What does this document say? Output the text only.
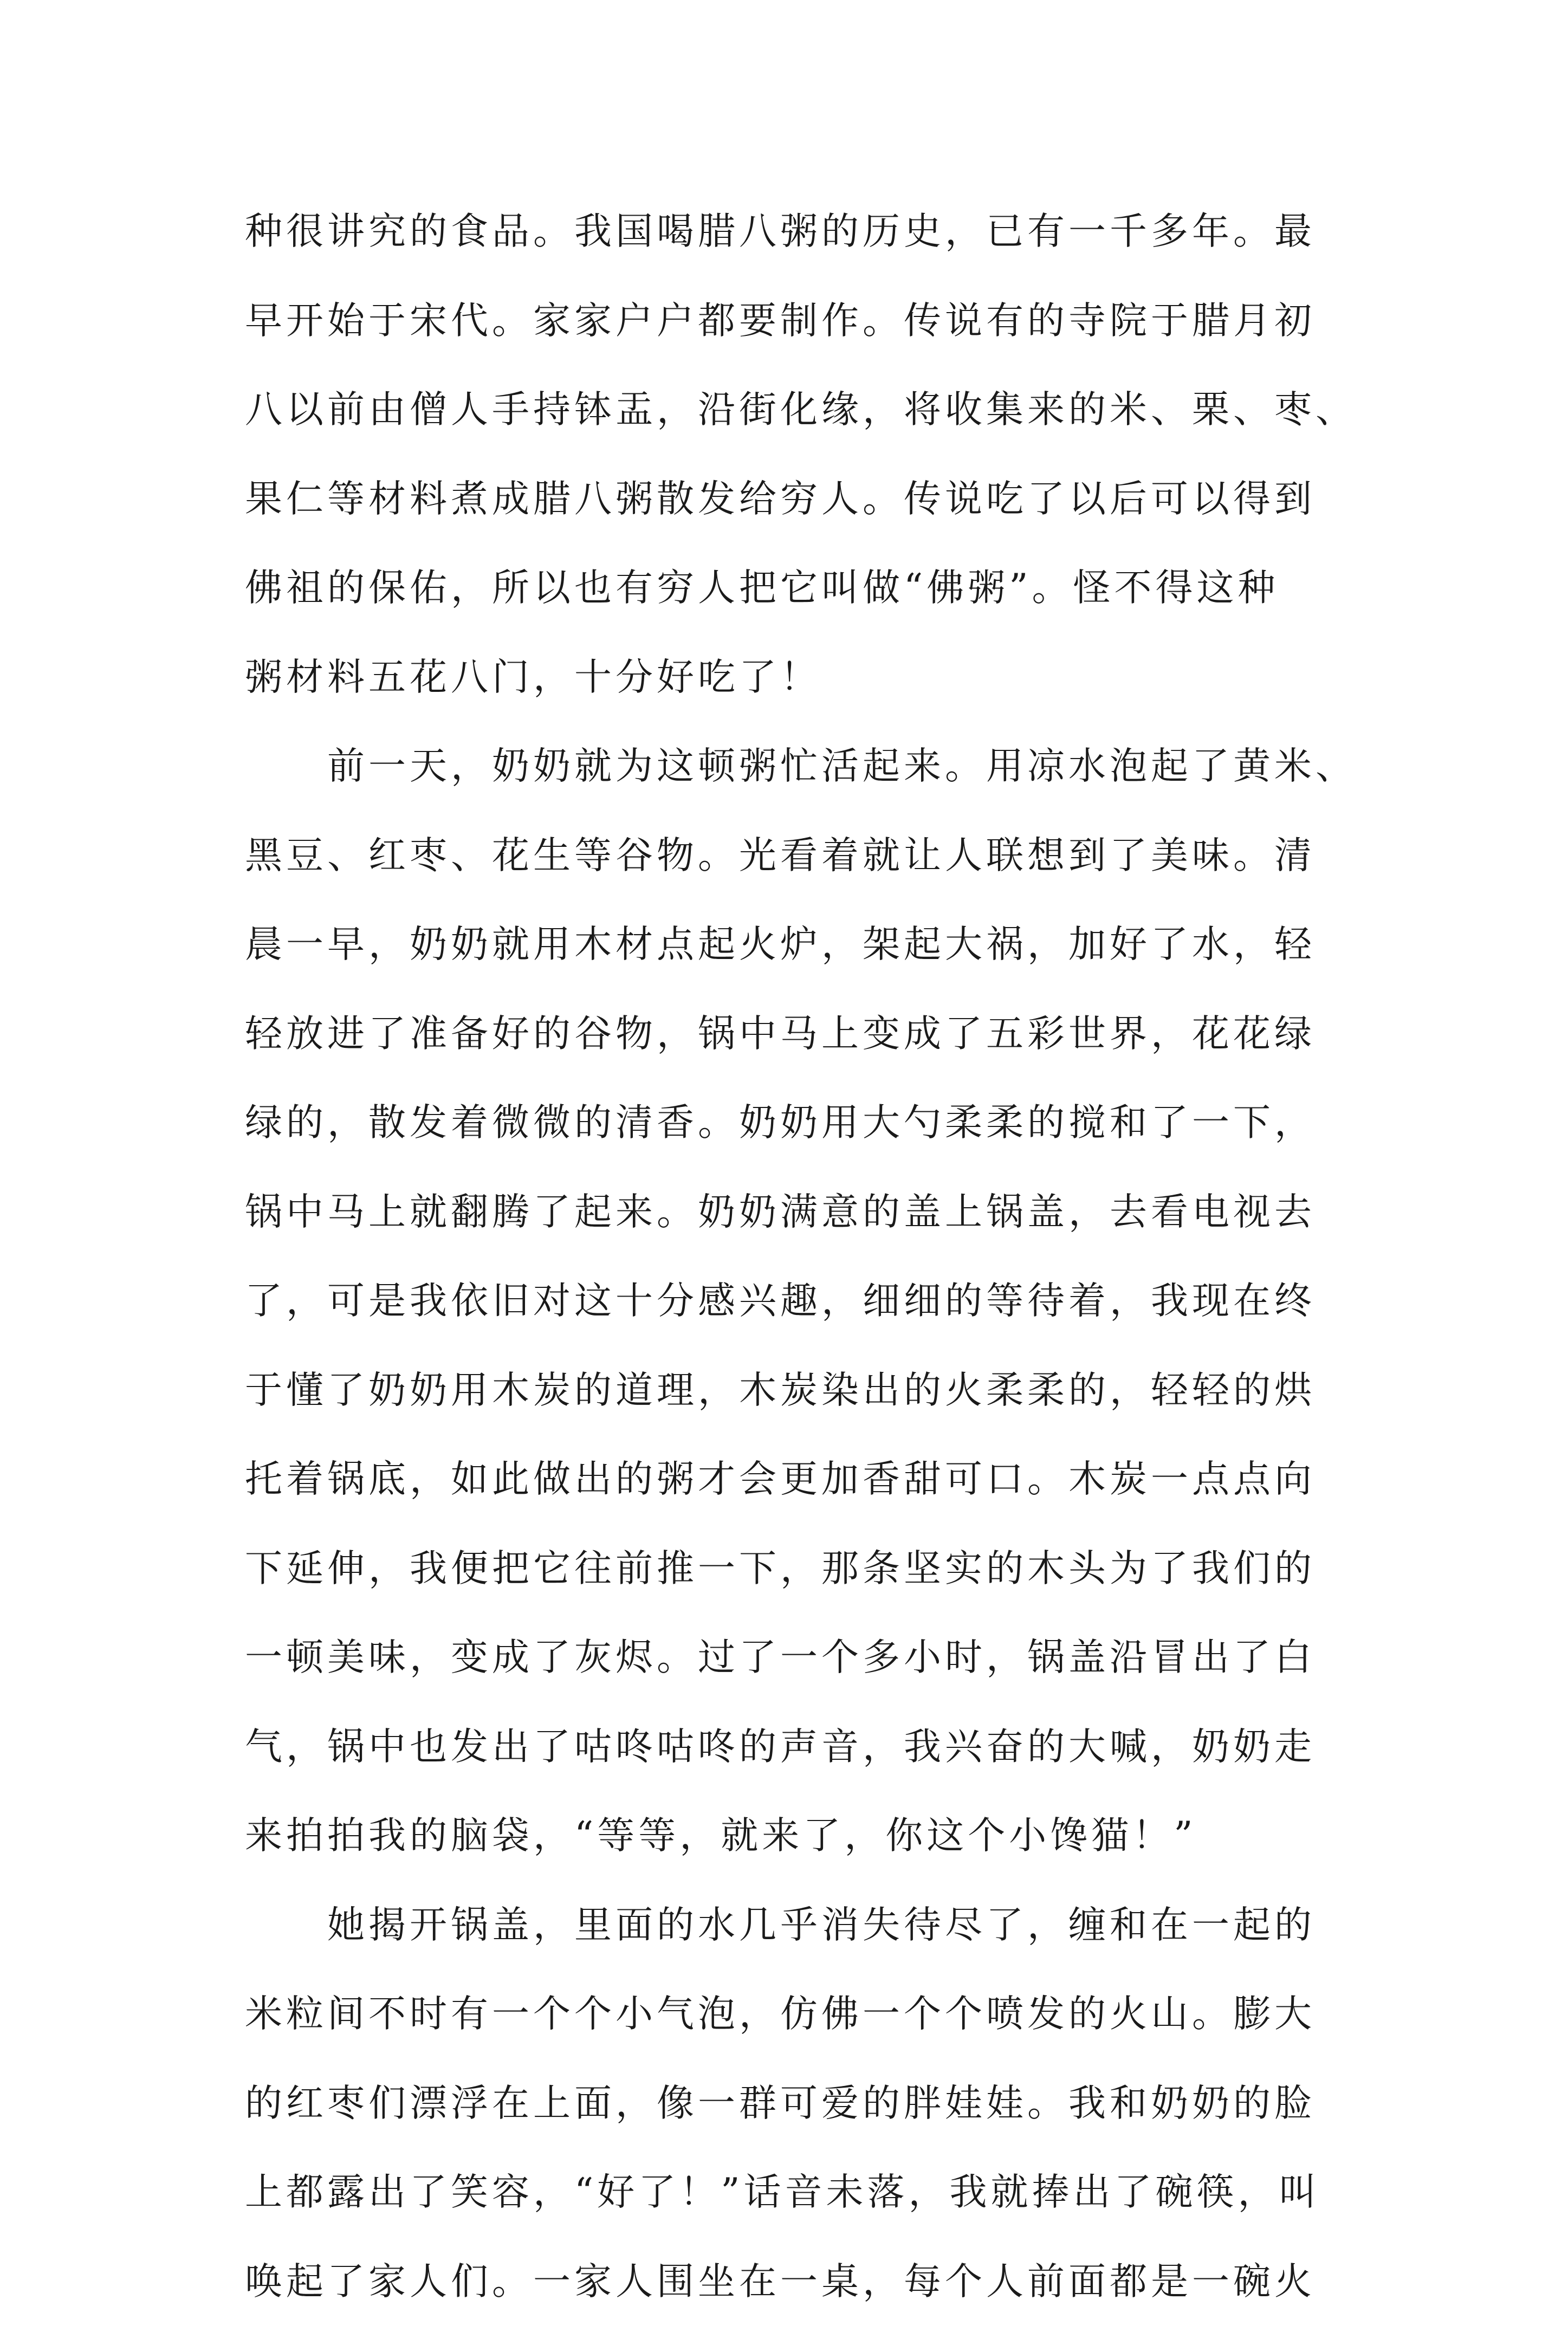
种很讲究的食品。我国喝腊八粥的历史，已有一千多年。最
早开始于宋代。家家户户都要制作。传说有的寺院于腊月初
八以前由僧人手持钵盂，沿街化缘，将收集来的米、栗、枣、
果仁等材料煮成腊八粥散发给穷人。传说吃了以后可以得到
佛祖的保佑，所以也有穷人把它叫做“佛粥”。怪不得这种
粥材料五花八门，十分好吃了！
前一天，奶奶就为这顿粥忙活起来。用凉水泡起了黄米、
黑豆、红枣、花生等谷物。光看着就让人联想到了美味。清
晨一早，奶奶就用木材点起火炉，架起大祸，加好了水，轻
轻放进了准备好的谷物，锅中马上变成了五彩世界，花花绿
绿的，散发着微微的清香。奶奶用大勺柔柔的搅和了一下，
锅中马上就翻腾了起来。奶奶满意的盖上锅盖，去看电视去
了，可是我依旧对这十分感兴趣，细细的等待着，我现在终
于懂了奶奶用木炭的道理，木炭染出的火柔柔的，轻轻的烘
托着锅底，如此做出的粥才会更加香甜可口。木炭一点点向
下延伸，我便把它往前推一下，那条坚实的木头为了我们的
一顿美味，变成了灰烬。过了一个多小时，锅盖沿冒出了白
气，锅中也发出了咕咚咕咚的声音，我兴奋的大喊，奶奶走
来拍拍我的脑袋，“等等，就来了，你这个小馋猫！”
她揭开锅盖，里面的水几乎消失待尽了，缠和在一起的
米粒间不时有一个个小气泡，仿佛一个个喷发的火山。膨大
的红枣们漂浮在上面，像一群可爱的胖娃娃。我和奶奶的脸
上都露出了笑容，“好了！”话音未落，我就捧出了碗筷，叫
唤起了家人们。一家人围坐在一桌，每个人前面都是一碗火
